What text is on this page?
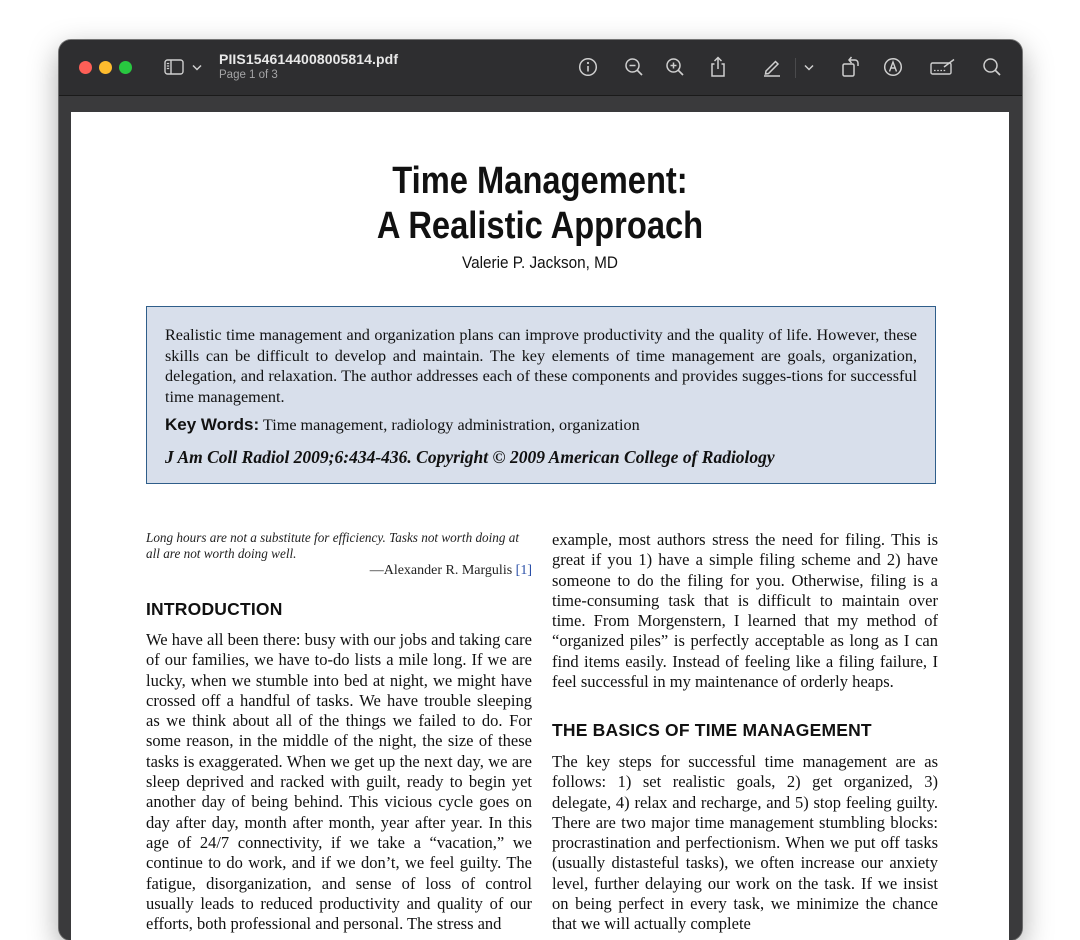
PIIS1546144008005814.pdf
Page 1 of 3
Time Management:
A Realistic Approach
Valerie P. Jackson, MD
Realistic time management and organization plans can improve productivity and the quality of life. However, these skills can be difficult to develop and maintain. The key elements of time management are goals, organization, delegation, and relaxation. The author addresses each of these components and provides sugges-tions for successful time management.
Key Words: Time management, radiology administration, organization
J Am Coll Radiol 2009;6:434-436. Copyright © 2009 American College of Radiology
Long hours are not a substitute for efficiency. Tasks not worth doing at all are not worth doing well.
—Alexander R. Margulis [1]
INTRODUCTION

We have all been there: busy with our jobs and taking care of our families, we have to-do lists a mile long. If we are lucky, when we stumble into bed at night, we might have crossed off a handful of tasks. We have trouble sleeping as we think about all of the things we failed to do. For some reason, in the middle of the night, the size of these tasks is exaggerated. When we get up the next day, we are sleep deprived and racked with guilt, ready to begin yet another day of being behind. This vicious cycle goes on day after day, month after month, year after year. In this age of 24/7 connectivity, if we take a “vacation,” we continue to do work, and if we don’t, we feel guilty. The fatigue, disorganization, and sense of loss of control usually leads to reduced productivity and quality of our efforts, both professional and personal. The stress and

example, most authors stress the need for filing. This is great if you 1) have a simple filing scheme and 2) have someone to do the filing for you. Otherwise, filing is a time-consuming task that is difficult to maintain over time. From Morgenstern, I learned that my method of “organized piles” is perfectly acceptable as long as I can find items easily. Instead of feeling like a filing failure, I feel successful in my maintenance of orderly heaps.

THE BASICS OF TIME MANAGEMENT

The key steps for successful time management are as follows: 1) set realistic goals, 2) get organized, 3) delegate, 4) relax and recharge, and 5) stop feeling guilty. There are two major time management stumbling blocks: procrastination and perfectionism. When we put off tasks (usually distasteful tasks), we often increase our anxiety level, further delaying our work on the task. If we insist on being perfect in every task, we minimize the chance that we will actually complete
